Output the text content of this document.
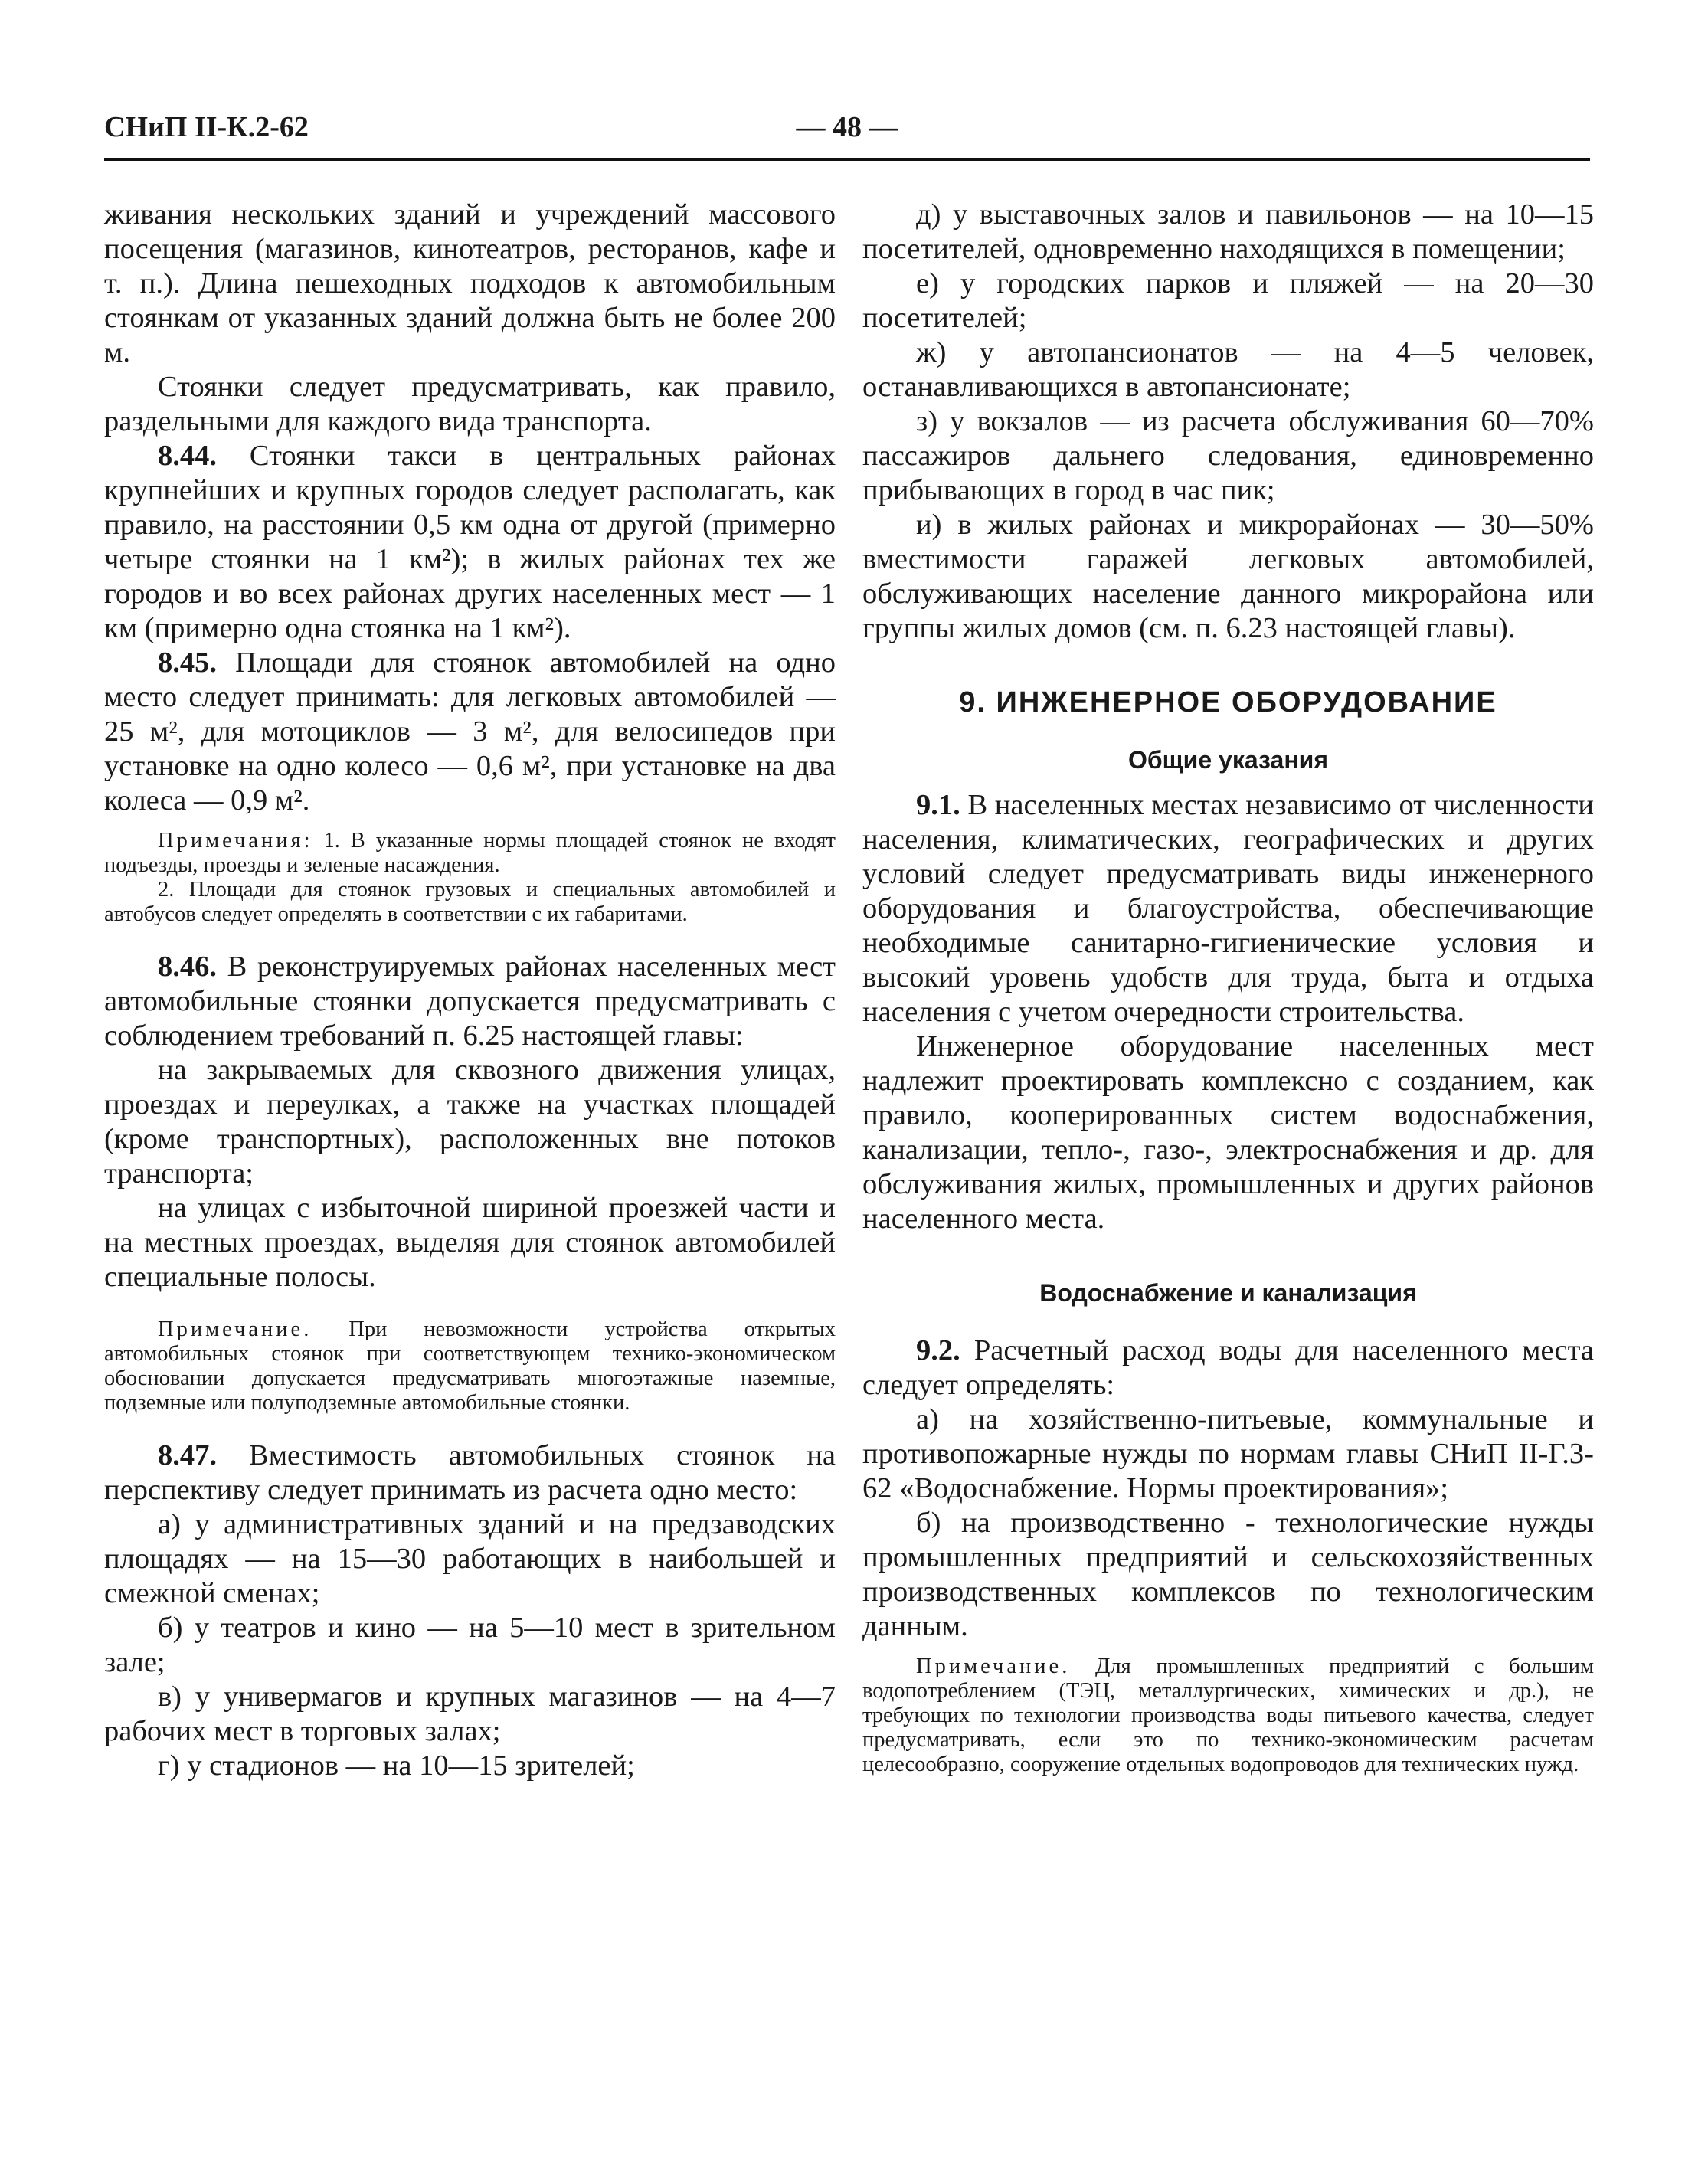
СНиП II-К.2-62	— 48 —

живания нескольких зданий и учреждений массового посещения (магазинов, кинотеатров, ресторанов, кафе и т. п.). Длина пешеходных подходов к автомобильным стоянкам от указанных зданий должна быть не более 200 м.

Стоянки следует предусматривать, как правило, раздельными для каждого вида транспорта.

8.44. Стоянки такси в центральных районах крупнейших и крупных городов следует располагать, как правило, на расстоянии 0,5 км одна от другой (примерно четыре стоянки на 1 км²); в жилых районах тех же городов и во всех районах других населенных мест — 1 км (примерно одна стоянка на 1 км²).

8.45. Площади для стоянок автомобилей на одно место следует принимать: для легковых автомобилей — 25 м², для мотоциклов — 3 м², для велосипедов при установке на одно колесо — 0,6 м², при установке на два колеса — 0,9 м².

Примечания: 1. В указанные нормы площадей стоянок не входят подъезды, проезды и зеленые насаждения.

2. Площади для стоянок грузовых и специальных автомобилей и автобусов следует определять в соответствии с их габаритами.

8.46. В реконструируемых районах населенных мест автомобильные стоянки допускается предусматривать с соблюдением требований п. 6.25 настоящей главы:

на закрываемых для сквозного движения улицах, проездах и переулках, а также на участках площадей (кроме транспортных), расположенных вне потоков транспорта;

на улицах с избыточной шириной проезжей части и на местных проездах, выделяя для стоянок автомобилей специальные полосы.

Примечание. При невозможности устройства открытых автомобильных стоянок при соответствующем технико-экономическом обосновании допускается предусматривать многоэтажные наземные, подземные или полуподземные автомобильные стоянки.

8.47. Вместимость автомобильных стоянок на перспективу следует принимать из расчета одно место:

а) у административных зданий и на предзаводских площадях — на 15—30 работающих в наибольшей и смежной сменах;

б) у театров и кино — на 5—10 мест в зрительном зале;

в) у универмагов и крупных магазинов — на 4—7 рабочих мест в торговых залах;

г) у стадионов — на 10—15 зрителей;

д) у выставочных залов и павильонов — на 10—15 посетителей, одновременно находящихся в помещении;

е) у городских парков и пляжей — на 20—30 посетителей;

ж) у автопансионатов — на 4—5 человек, останавливающихся в автопансионате;

з) у вокзалов — из расчета обслуживания 60—70% пассажиров дальнего следования, единовременно прибывающих в город в час пик;

и) в жилых районах и микрорайонах — 30—50% вместимости гаражей легковых автомобилей, обслуживающих население данного микрорайона или группы жилых домов (см. п. 6.23 настоящей главы).

9. ИНЖЕНЕРНОЕ ОБОРУДОВАНИЕ

Общие указания

9.1. В населенных местах независимо от численности населения, климатических, географических и других условий следует предусматривать виды инженерного оборудования и благоустройства, обеспечивающие необходимые санитарно-гигиенические условия и высокий уровень удобств для труда, быта и отдыха населения с учетом очередности строительства.

Инженерное оборудование населенных мест надлежит проектировать комплексно с созданием, как правило, кооперированных систем водоснабжения, канализации, тепло-, газо-, электроснабжения и др. для обслуживания жилых, промышленных и других районов населенного места.

Водоснабжение и канализация

9.2. Расчетный расход воды для населенного места следует определять:

а) на хозяйственно-питьевые, коммунальные и противопожарные нужды по нормам главы СНиП II-Г.3-62 «Водоснабжение. Нормы проектирования»;

б) на производственно - технологические нужды промышленных предприятий и сельскохозяйственных производственных комплексов по технологическим данным.

Примечание. Для промышленных предприятий с большим водопотреблением (ТЭЦ, металлургических, химических и др.), не требующих по технологии производства воды питьевого качества, следует предусматривать, если это по технико-экономическим расчетам целесообразно, сооружение отдельных водопроводов для технических нужд.
